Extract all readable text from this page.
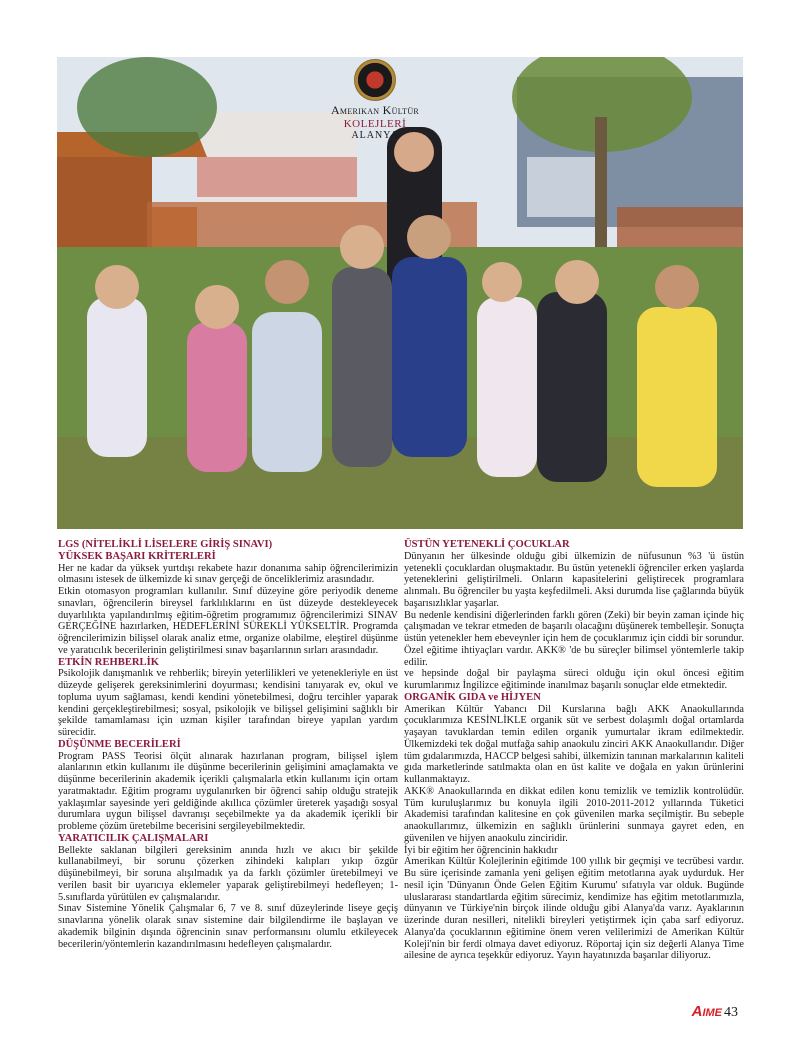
Amerikan Kültür
KOLEJLERİ
ALANYA
LGS (NİTELİKLİ LİSELERE GİRİŞ SINAVI)
YÜKSEK BAŞARI KRİTERLERİ
Her ne kadar da yüksek yurtdışı rekabete hazır donanıma sahip öğrencilerimizin olmasını istesek de ülkemizde ki sınav gerçeği de önceliklerimiz arasındadır.
Etkin otomasyon programları kullanılır. Sınıf düzeyine göre periyodik deneme sınavları, öğrencilerin bireysel farklılıklarını en üst düzeyde destekleyecek duyarlılıkta yapılandırılmış eğitim-öğretim programımız öğrencilerimizi SINAV GERÇEĞİNE hazırlarken, HEDEFLERİNİ SÜREKLİ YÜKSELTİR. Programda öğrencilerimizin bilişsel olarak analiz etme, organize olabilme, eleştirel düşünme ve yaratıcılık becerilerinin geliştirilmesi sınav başarılarının sırları arasındadır.
ETKİN REHBERLİK
Psikolojik danışmanlık ve rehberlik; bireyin yeterlilikleri ve yetenekleriyle en üst düzeyde gelişerek gereksinimlerini doyurması; kendisini tanıyarak ev, okul ve topluma uyum sağlaması, kendi kendini yönetebilmesi, doğru tercihler yaparak kendini gerçekleştirebilmesi; sosyal, psikolojik ve bilişsel gelişimini sağlıklı bir şekilde tamamlaması için uzman kişiler tarafından bireye yapılan yardım sürecidir.
DÜŞÜNME BECERİLERİ
Program PASS Teorisi ölçüt alınarak hazırlanan program, bilişsel işlem alanlarının etkin kullanımı ile düşünme becerilerinin gelişimini amaçlamakta ve düşünme becerilerinin akademik içerikli çalışmalarla etkin kullanımı için ortam yaratmaktadır. Eğitim programı uygulanırken bir öğrenci sahip olduğu stratejik yaklaşımlar sayesinde yeri geldiğinde akıllıca çözümler üreterek yaşadığı sosyal durumlara uygun bilişsel davranışı seçebilmekte ya da akademik içerikli bir probleme çözüm üretebilme becerisini sergileyebilmektedir.
YARATICILIK ÇALIŞMALARI
Bellekte saklanan bilgileri gereksinim anında hızlı ve akıcı bir şekilde kullanabilmeyi, bir sorunu çözerken zihindeki kalıpları yıkıp özgür düşünebilmeyi, bir soruna alışılmadık ya da farklı çözümler üretebilmeyi ve verilen basit bir uyarıcıya eklemeler yaparak geliştirebilmeyi hedefleyen; 1-5.sınıflarda yürütülen ev çalışmalarıdır.
Sınav Sistemine Yönelik Çalışmalar 6, 7 ve 8. sınıf düzeylerinde liseye geçiş sınavlarına yönelik olarak sınav sistemine dair bilgilendirme ile başlayan ve akademik bilginin dışında öğrencinin sınav performansını olumlu etkileyecek becerilerin/yöntemlerin kazandırılmasını hedefleyen çalışmalardır.
ÜSTÜN YETENEKLİ ÇOCUKLAR
Dünyanın her ülkesinde olduğu gibi ülkemizin de nüfusunun %3 'ü üstün yetenekli çocuklardan oluşmaktadır. Bu üstün yetenekli öğrenciler erken yaşlarda yeteneklerini geliştirilmeli. Onların kapasitelerini geliştirecek programlara alınmalı. Bu öğrenciler bu yaşta keşfedilmeli. Aksi durumda lise çağlarında büyük başarısızlıklar yaşarlar.
Bu nedenle kendisini diğerlerinden farklı gören (Zeki) bir beyin zaman içinde hiç çalışmadan ve tekrar etmeden de başarılı olacağını düşünerek tembelleşir. Sonuçta üstün yetenekler hem ebeveynler için hem de çocuklarımız için ciddi bir sorundur. Özel eğitime ihtiyaçları vardır. AKK® 'de bu süreçler bilimsel yöntemlerle takip edilir.
ve hepsinde doğal bir paylaşma süreci olduğu için okul öncesi eğitim kurumlarımız İngilizce eğitiminde inanılmaz başarılı sonuçlar elde etmektedir.
ORGANİK GIDA ve HİJYEN
Amerikan Kültür Yabancı Dil Kurslarına bağlı AKK Anaokullarında çocuklarımıza KESİNLİKLE organik süt ve serbest dolaşımlı doğal ortamlarda yaşayan tavuklardan temin edilen organik yumurtalar ikram edilmektedir. Ülkemizdeki tek doğal mutfağa sahip anaokulu zinciri AKK Anaokullarıdır. Diğer tüm gıdalarımızda, HACCP belgesi sahibi, ülkemizin tanınan markalarının kaliteli gıda marketlerinde satılmakta olan en üst kalite ve doğala en yakın ürünlerini kullanmaktayız.
AKK® Anaokullarında en dikkat edilen konu temizlik ve temizlik kontrolüdür. Tüm kuruluşlarımız bu konuyla ilgili 2010-2011-2012 yıllarında Tüketici Akademisi tarafından kalitesine en çok güvenilen marka seçilmiştir. Bu sebeple anaokullarımız, ülkemizin en sağlıklı ürünlerini sunmaya gayret eden, en güvenilen ve hijyen anaokulu zinciridir.
İyi bir eğitim her öğrencinin hakkıdır
Amerikan Kültür Kolejlerinin eğitimde 100 yıllık bir geçmişi ve tecrübesi vardır. Bu süre içerisinde zamanla yeni gelişen eğitim metotlarına ayak uydurduk. Her nesil için 'Dünyanın Önde Gelen Eğitim Kurumu' sıfatıyla var olduk. Bugünde uluslararası standartlarda eğitim sürecimiz, kendimize has eğitim metotlarımızla, dünyanın ve Türkiye'nin birçok ilinde olduğu gibi Alanya'da varız. Ayaklarının üzerinde duran nesilleri, nitelikli bireyleri yetiştirmek için çaba sarf ediyoruz. Alanya'da çocuklarının eğitimine önem veren velilerimizi de Amerikan Kültür Koleji'nin bir ferdi olmaya davet ediyoruz. Röportaj için siz değerli Alanya Time ailesine de ayrıca teşekkür ediyoruz. Yayın hayatınızda başarılar diliyoruz.
AIME 43
